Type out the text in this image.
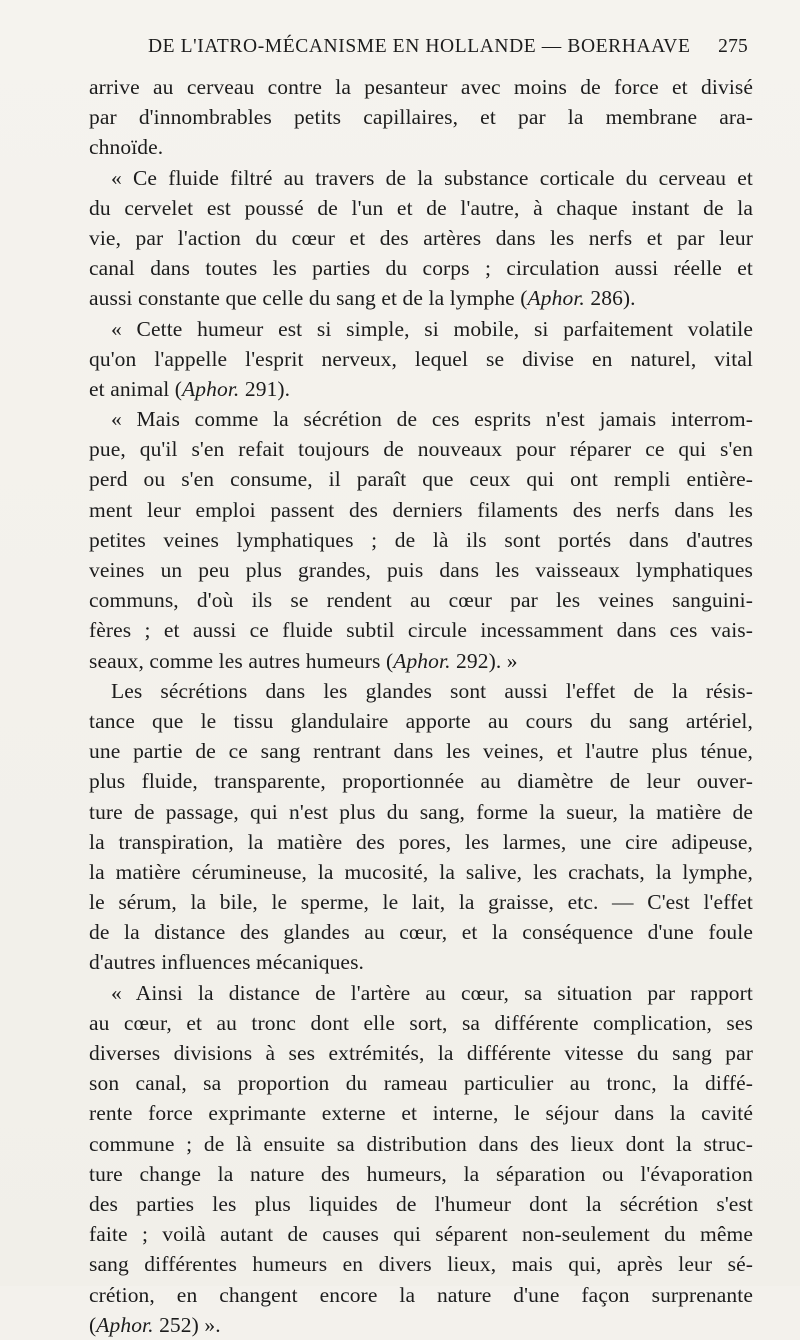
DE L'IATRO-MÉCANISME EN HOLLANDE — BOERHAAVE 275
arrive au cerveau contre la pesanteur avec moins de force et divisé
par d'innombrables petits capillaires, et par la membrane ara-
chnoïde.
« Ce fluide filtré au travers de la substance corticale du cerveau et
du cervelet est poussé de l'un et de l'autre, à chaque instant de la
vie, par l'action du cœur et des artères dans les nerfs et par leur
canal dans toutes les parties du corps ; circulation aussi réelle et
aussi constante que celle du sang et de la lymphe (Aphor. 286).
« Cette humeur est si simple, si mobile, si parfaitement volatile
qu'on l'appelle l'esprit nerveux, lequel se divise en naturel, vital
et animal (Aphor. 291).
« Mais comme la sécrétion de ces esprits n'est jamais interrom-
pue, qu'il s'en refait toujours de nouveaux pour réparer ce qui s'en
perd ou s'en consume, il paraît que ceux qui ont rempli entière-
ment leur emploi passent des derniers filaments des nerfs dans les
petites veines lymphatiques ; de là ils sont portés dans d'autres
veines un peu plus grandes, puis dans les vaisseaux lymphatiques
communs, d'où ils se rendent au cœur par les veines sanguini-
fères ; et aussi ce fluide subtil circule incessamment dans ces vais-
seaux, comme les autres humeurs (Aphor. 292). »
Les sécrétions dans les glandes sont aussi l'effet de la résis-
tance que le tissu glandulaire apporte au cours du sang artériel,
une partie de ce sang rentrant dans les veines, et l'autre plus ténue,
plus fluide, transparente, proportionnée au diamètre de leur ouver-
ture de passage, qui n'est plus du sang, forme la sueur, la matière de
la transpiration, la matière des pores, les larmes, une cire adipeuse,
la matière cérumineuse, la mucosité, la salive, les crachats, la lymphe,
le sérum, la bile, le sperme, le lait, la graisse, etc. — C'est l'effet
de la distance des glandes au cœur, et la conséquence d'une foule
d'autres influences mécaniques.
« Ainsi la distance de l'artère au cœur, sa situation par rapport
au cœur, et au tronc dont elle sort, sa différente complication, ses
diverses divisions à ses extrémités, la différente vitesse du sang par
son canal, sa proportion du rameau particulier au tronc, la diffé-
rente force exprimante externe et interne, le séjour dans la cavité
commune ; de là ensuite sa distribution dans des lieux dont la struc-
ture change la nature des humeurs, la séparation ou l'évaporation
des parties les plus liquides de l'humeur dont la sécrétion s'est
faite ; voilà autant de causes qui séparent non-seulement du même
sang différentes humeurs en divers lieux, mais qui, après leur sé-
crétion, en changent encore la nature d'une façon surprenante
(Aphor. 252) ».
